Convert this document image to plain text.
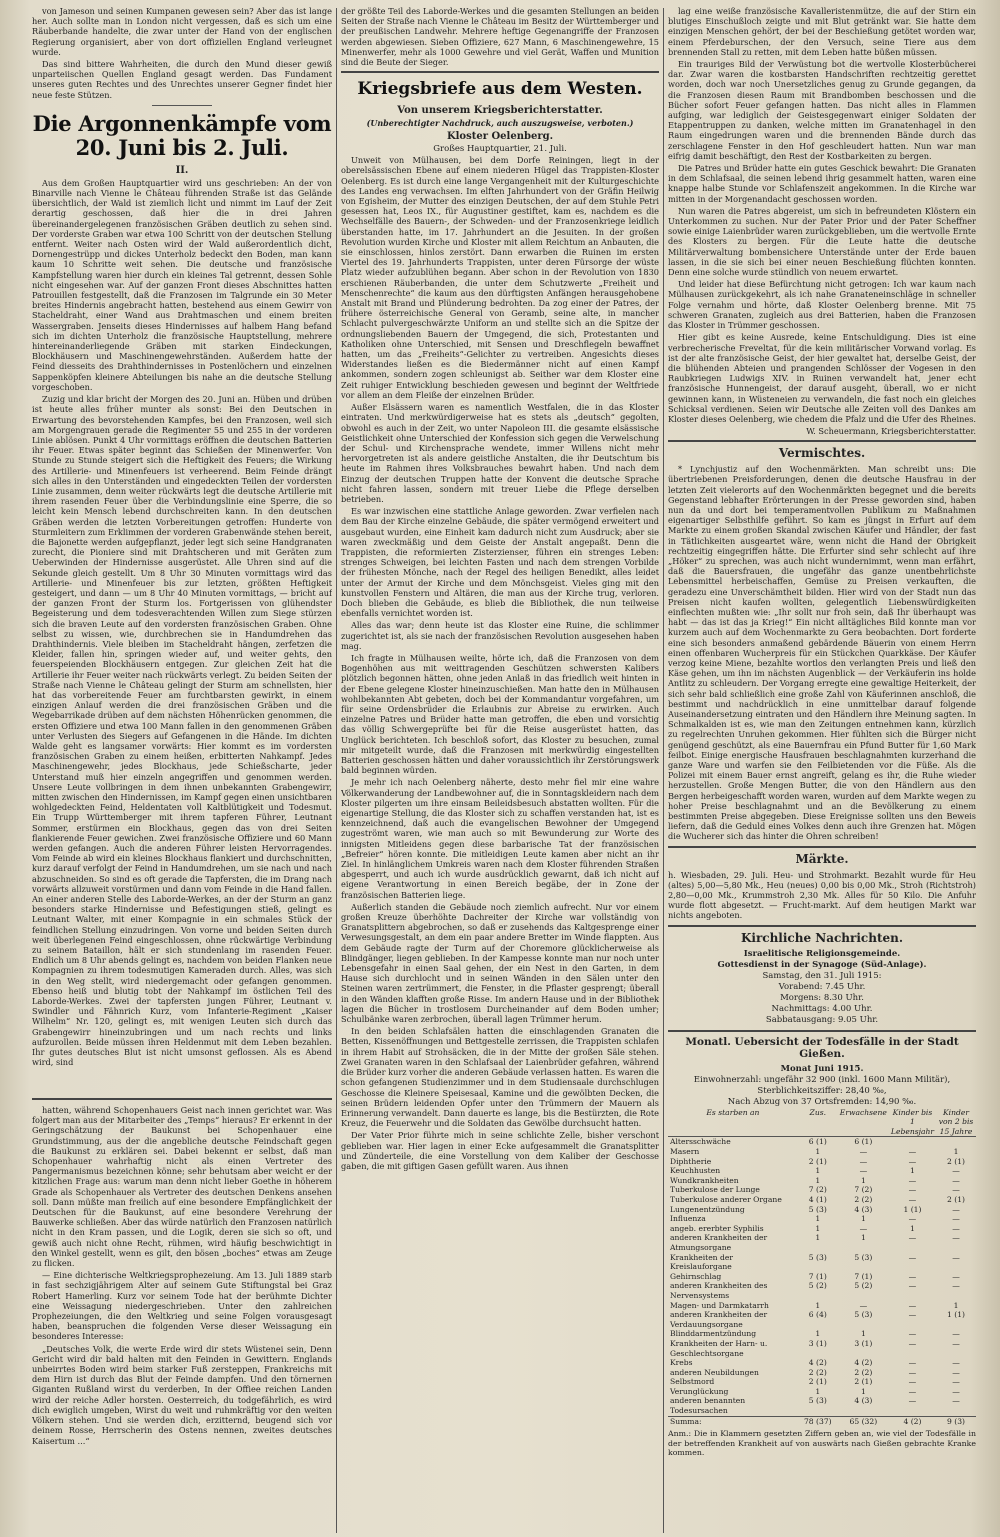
von Jameson und seinen Kumpanen gewesen sein? Aber das ist lange her. Auch sollte man in London nicht vergessen, daß es sich um eine Räuberbande handelte, die zwar unter der Hand von der englischen Regierung organisiert, aber von dort offiziellen England verleugnet wurde.

Das sind bittere Wahrheiten, die durch den Mund dieser gewiß unparteiischen Quellen England gesagt werden. Das Fundament unseres guten Rechtes und des Unrechtes unserer Gegner findet hier neue feste Stützen.

Die Argonnenkämpfe vom 20. Juni bis 2. Juli.
II.

Aus dem Großen Hauptquartier wird uns geschrieben: An der von Binarville nach Vienne le Château führenden Straße ist das Gelände übersichtlich, der Wald ist ziemlich licht und nimmt im Lauf der Zeit derartig geschossen, daß hier die in drei Jahren übereinandergelegenen französischen Gräben deutlich zu sehen sind. Der vorderste Graben war etwa 100 Schritt von der deutschen Stellung entfernt. Weiter nach Osten wird der Wald außerordentlich dicht, Dornengestrüpp und dickes Unterholz bedeckt den Boden, man kann kaum 10 Schritte weit sehen. Die deutsche und französische Kampfstellung waren hier durch ein kleines Tal getrennt, dessen Sohle nicht eingesehen war. Auf der ganzen Front dieses Abschnittes hatten Patrouillen festgestellt, daß die Franzosen im Talgrunde ein 30 Meter breites Hindernis angebracht hatten, bestehend aus einem Gewirr von Stacheldraht, einer Wand aus Drahtmaschen und einem breiten Wassergraben. Jenseits dieses Hindernisses auf halbem Hang befand sich im dichten Unterholz die französische Hauptstellung, mehrere hintereinanderliegende Gräben mit starken Eindeckungen, Blockhäusern und Maschinengewehrständen. Außerdem hatte der Feind diesseits des Drahthindernisses in Postenlöchern und einzelnen Sappenköpfen kleinere Abteilungen bis nahe an die deutsche Stellung vorgeschoben.

Zuzig und klar bricht der Morgen des 20. Juni an. Hüben und drüben ist heute alles früher munter als sonst: Bei den Deutschen in Erwartung des bevorstehenden Kampfes, bei den Franzosen, weil sich am Morgengrauen gerade die Regimenter 55 und 255 in der vorderen Linie ablösen. Punkt 4 Uhr vormittags eröffnen die deutschen Batterien ihr Feuer. Etwas später beginnt das Schießen der Minenwerfer. Von Stunde zu Stunde steigert sich die Heftigkeit des Feuers; die Wirkung des Artillerie- und Minenfeuers ist verheerend. Beim Feinde drängt sich alles in den Unterständen und eingedeckten Teilen der vordersten Linie zusammen, denn weiter rückwärts legt die deutsche Artillerie mit ihrem rasenden Feuer über die Verbindungslinie eine Sperre, die so leicht kein Mensch lebend durchschreiten kann. In den deutschen Gräben werden die letzten Vorbereitungen getroffen: Hunderte von Sturmleitern zum Erklimmen der vorderen Grabenwände stehen bereit, die Bajonette werden aufgepflanzt, jeder legt sich seine Handgranaten zurecht, die Pioniere sind mit Drahtscheren und mit Geräten zum Ueberwinden der Hindernisse ausgerüstet. Alle Uhren sind auf die Sekunde gleich gestellt. Um 8 Uhr 30 Minuten vormittags wird das Artillerie- und Minenfeuer bis zur letzten, größten Heftigkeit gesteigert, und dann — um 8 Uhr 40 Minuten vormittags, — bricht auf der ganzen Front der Sturm los. Fortgerissen von glühendster Begeisterung und dem todesverachtenden Willen zum Siege stürzen sich die braven Leute auf den vordersten französischen Graben. Ohne selbst zu wissen, wie, durchbrechen sie in Handumdrehen das Drahthindernis. Viele bleiben im Stacheldraht hängen, zerfetzen die Kleider, fallen hin, springen wieder auf, und weiter gehts, den feuerspeienden Blockhäusern entgegen. Zur gleichen Zeit hat die Artillerie ihr Feuer weiter nach rückwärts verlegt. Zu beiden Seiten der Straße nach Vienne le Château gelingt der Sturm am schnellsten, hier hat das vorbereitende Feuer am furchtbarsten gewirkt, in einem einzigen Anlauf werden die drei französischen Gräben und die Wegebarrikade drüben auf dem nächsten Höhenrücken genommen, die ersten Offiziere und etwa 100 Mann fallen in den genommenen Gräben unter Verlusten des Siegers auf Gefangenen in die Hände. Im dichten Walde geht es langsamer vorwärts: Hier kommt es im vordersten französischen Graben zu einem heißen, erbitterten Nahkampf. Jedes Maschinengewehr, jedes Blockhaus, jede Schießscharte, jeder Unterstand muß hier einzeln angegriffen und genommen werden. Unsere Leute vollbringen in dem ihnen unbekannten Grabengewirr, mitten zwischen den Hindernissen, im Kampf gegen einen unsichtbaren wohlgedeckten Feind, Heldentaten voll Kaltblütigkeit und Todesmut. Ein Trupp Württemberger mit ihrem tapferen Führer, Leutnant Sommer, erstürmen ein Blockhaus, gegen das von drei Seiten flankierende Feuer gewichen. Zwei französische Offiziere und 60 Mann werden gefangen. Auch die anderen Führer leisten Hervorragendes. Vom Feinde ab wird ein kleines Blockhaus flankiert und durchschnitten, kurz darauf verfolgt der Feind in Handumdrehen, um sie nach und nach abzuschneiden. So sind es oft gerade die Tapfersten, die im Drang nach vorwärts allzuweit vorstürmen und dann vom Feinde in die Hand fallen. An einer anderen Stelle des Laborde-Werkes, an der der Sturm an ganz besonders starke Hindernisse und Befestigungen stieß, gelingt es Leutnant Walter, mit einer Kompagnie in ein schmales Stück der feindlichen Stellung einzudringen. Von vorne und beiden Seiten durch weit überlegenen Feind eingeschlossen, ohne rückwärtige Verbindung zu seinem Bataillon, hält er sich stundenlang im rasenden Feuer. Endlich um 8 Uhr abends gelingt es, nachdem von beiden Flanken neue Kompagnien zu ihrem todesmutigen Kameraden durch. Alles, was sich in den Weg stellt, wird niedergemacht oder gefangen genommen. Ebenso heiß und blutig tobt der Nahkampf im östlichen Teil des Laborde-Werkes. Zwei der tapfersten jungen Führer, Leutnant v. Swindler und Fähnrich Kurz, vom Infanterie-Regiment „Kaiser Wilhelm“ Nr. 120, gelingt es, mit wenigen Leuten sich durch das Grabengewirr hineinzubringen und um nach rechts und links aufzurollen. Beide müssen ihren Heldenmut mit dem Leben bezahlen. Ihr gutes deutsches Blut ist nicht umsonst geflossen. Als es Abend wird, sind

hatten, während Schopenhauers Geist nach innen gerichtet war. Was folgert man aus der Mitarbeiter des „Temps“ hieraus? Er erkennt in der Geringschätzung der Baukunst bei Schopenhauer eine Grundstimmung, aus der die angebliche deutsche Feindschaft gegen die Baukunst zu erklären sei. Dabei bekennt er selbst, daß man Schopenhauer wahrhaftig nicht als einen Vertreter des Pangermanismus bezeichnen könne; sehr behutsam aber weicht er der kitzlichen Frage aus: warum man denn nicht lieber Goethe in höherem Grade als Schopenhauer als Vertreter des deutschen Denkens ansehen soll. Dann müßte man freilich auf eine besondere Empfänglichkeit der Deutschen für die Baukunst, auf eine besondere Verehrung der Bauwerke schließen. Aber das würde natürlich den Franzosen natürlich nicht in den Kram passen, und die Logik, deren sie sich so oft, und gewiß auch nicht ohne Recht, rühmen, wird häufig beschwichtigt in den Winkel gestellt, wenn es gilt, den bösen „boches“ etwas am Zeuge zu flicken.

— Eine dichterische Weltkriegsprophezeiung. Am 13. Juli 1889 starb in fast sechzigjährigem Alter auf seinem Gute Stiftungstal bei Graz Robert Hamerling. Kurz vor seinem Tode hat der berühmte Dichter eine Weissagung niedergeschrieben. Unter den zahlreichen Prophezeiungen, die den Weltkrieg und seine Folgen vorausgesagt haben, beanspruchen die folgenden Verse dieser Weissagung ein besonderes Interesse:

„Deutsches Volk, die werte Erde wird dir stets Wüstenei sein, Denn Gericht wird dir bald halten mit den Feinden in Gewittern. Englands unbeirrtes Boden wird beim starker Fuß zersteppen, Frankreichs mit dem Hirn ist durch das Blut der Feinde dampfen. Und den törnernen Giganten Rußland wirst du verderben, In der Offiee reichen Landen wird der reiche Adler horsten. Oesterreich, du todgefährlich, es wird dich ewiglich umgeben, Wirst du weit und ruhmkräftig vor den weiten Völkern stehen. Und sie werden dich, erzitternd, beugend sich vor deinem Rosse, Herrscherin des Ostens nennen, zweites deutsches Kaisertum ...“

der größte Teil des Laborde-Werkes und die gesamten Stellungen an beiden Seiten der Straße nach Vienne le Château im Besitz der Württemberger und der preußischen Landwehr. Mehrere heftige Gegenangriffe der Franzosen werden abgewiesen. Sieben Offiziere, 627 Mann, 6 Maschinengewehre, 15 Minenwerfer, mehr als 1000 Gewehre und viel Gerät, Waffen und Munition sind die Beute der Sieger.

Kriegsbriefe aus dem Westen.
Von unserem Kriegsberichterstatter.
(Unberechtigter Nachdruck, auch auszugsweise, verboten.)
Kloster Oelenberg.

Großes Hauptquartier, 21. Juli.

Unweit von Mülhausen, bei dem Dorfe Reiningen, liegt in der oberelsässischen Ebene auf einem niederen Hügel das Trappisten-Kloster Oelenberg. Es ist durch eine lange Vergangenheit mit der Kulturgeschichte des Landes eng verwachsen. Im elften Jahrhundert von der Gräfin Heilwig von Egisheim, der Mutter des einzigen Deutschen, der auf dem Stuhle Petri gesessen hat, Leos IX., für Augustiner gestiftet, kam es, nachdem es die Wechselfälle des Bauern-, der Schweden- und der Franzosenkriege leidlich überstanden hatte, im 17. Jahrhundert an die Jesuiten. In der großen Revolution wurden Kirche und Kloster mit allem Reichtum an Anbauten, die sie einschlossen, hinlos zerstört. Dann erwarben die Ruinen im ersten Viertel des 19. Jahrhunderts Trappisten, unter deren Fürsorge der wüste Platz wieder aufzublühen begann. Aber schon in der Revolution von 1830 erschienen Räuberbanden, die unter dem Schutzwerte „Freiheit und Menschenrechte“ die kaum aus den dürftigsten Anfängen herausgehobene Anstalt mit Brand und Plünderung bedrohten. Da zog einer der Patres, der frühere österreichische General von Geramb, seine alte, in mancher Schlacht pulvergeschwärzte Uniform an und stellte sich an die Spitze der ordnungsliebenden Bauern der Umgegend, die sich, Protestanten und Katholiken ohne Unterschied, mit Sensen und Dreschflegeln bewaffnet hatten, um das „Freiheits“-Gelichter zu vertreiben. Angesichts dieses Widerstandes ließen es die Biedermänner nicht auf einen Kampf ankommen, sondern zogen schleunigst ab. Seither war dem Kloster eine Zeit ruhiger Entwicklung beschieden gewesen und beginnt der Weltfriede vor allem an dem Fleiße der einzelnen Brüder.

Außer Elsässern waren es namentlich Westfalen, die in das Kloster eintraten. Und merkwürdigerweise hat es stets als „deutsch“ gegolten, obwohl es auch in der Zeit, wo unter Napoleon III. die gesamte elsässische Geistlichkeit ohne Unterschied der Konfession sich gegen die Verwelschung der Schul- und Kirchensprache wendete, immer Willens nicht mehr hervorgetreten ist als andere geistliche Anstalten, die ihr Deutschtum bis heute im Rahmen ihres Volksbrauches bewahrt haben. Und nach dem Einzug der deutschen Truppen hatte der Konvent die deutsche Sprache nicht fahren lassen, sondern mit treuer Liebe die Pflege derselben betrieben.

Es war inzwischen eine stattliche Anlage geworden. Zwar verfielen nach dem Bau der Kirche einzelne Gebäude, die später vermögend erweitert und ausgebaut wurden, eine Einheit kam dadurch nicht zum Ausdruck; aber sie waren zweckmäßig und dem Geiste der Anstalt angepaßt. Denn die Trappisten, die reformierten Zisterzienser, führen ein strenges Leben: strenges Schweigen, bei leichten Fasten und nach dem strengen Vorbilde der frühesten Mönche, nach der Regel des heiligen Benedikt, alles leidet unter der Armut der Kirche und dem Mönchsgeist. Vieles ging mit den kunstvollen Fenstern und Altären, die man aus der Kirche trug, verloren. Doch blieben die Gebäude, es blieb die Bibliothek, die nun teilweise ebenfalls vernichtet worden ist.

Alles das war; denn heute ist das Kloster eine Ruine, die schlimmer zugerichtet ist, als sie nach der französischen Revolution ausgesehen haben mag.

Ich fragte in Mülhausen weilte, hörte ich, daß die Franzosen von dem Bogenhöhen aus mit weittragenden Geschützen schwersten Kalibers plötzlich begonnen hätten, ohne jeden Anlaß in das friedlich weit hinten in der Ebene gelegene Kloster hineinzuschießen. Man hatte den in Mülhausen wohlbekannten Abt gebeten, doch bei der Kommandantur vorgefahren, um für seine Ordensbrüder die Erlaubnis zur Abreise zu erwirken. Auch einzelne Patres und Brüder hatte man getroffen, die eben und vorsichtig das völlig Schwergeprüfte bei für die Reise ausgerüstet hatten, das Unglück berichteten. Ich beschloß sofort, das Kloster zu besuchen, zumal mir mitgeteilt wurde, daß die Franzosen mit merkwürdig eingestellten Batterien geschossen hätten und daher voraussichtlich ihr Zerstörungswerk bald beginnen würden.

Je mehr ich nach Oelenberg näherte, desto mehr fiel mir eine wahre Völkerwanderung der Landbewohner auf, die in Sonntagskleidern nach dem Kloster pilgerten um ihre einsam Beileidsbesuch abstatten wollten. Für die eigenartige Stellung, die das Kloster sich zu schaffen verstanden hat, ist es kennzeichnend, daß auch die evangelischen Bewohner der Umgegend zugeströmt waren, wie man auch so mit Bewunderung zur Worte des innigsten Mitleidens gegen diese barbarische Tat der französischen „Befreier“ hören konnte. Die mitleidigen Leute kamen aber nicht an ihr Ziel. In hinlänglichem Umkreis waren nach dem Kloster führenden Straßen abgesperrt, und auch ich wurde ausdrücklich gewarnt, daß ich nicht auf eigene Verantwortung in einen Bereich begäbe, der in Zone der französischen Batterien liege.

Außerlich standen die Gebäude noch ziemlich aufrecht. Nur vor einem großen Kreuze überhöhte Dachreiter der Kirche war vollständig von Granatsplittern abgebrochen, so daß er zusehends das Kaltgesprenge einer Verwesungsgestalt, an dem ein paar andere Bretter im Winde flappten. Aus dem Gebäude ragte der Turm auf der Choremore glücklicherweise als Blindgänger, liegen geblieben. In der Kampesse konnte man nur noch unter Lebensgefahr in einen Saal gehen, der ein Nest in den Garten, in dem Hause sich durchlocht und in seinen Wänden in den Sälen unter den Steinen waren zertrümmert, die Fenster, in die Pflaster gesprengt; überall in den Wänden klafften große Risse. Im andern Hause und in der Bibliothek lagen die Bücher in trostlosem Durcheinander auf dem Boden umher; Schulbänke waren zerbrochen, überall lagen Trümmer herum.

In den beiden Schlafsälen hatten die einschlagenden Granaten die Betten, Kissenöffnungen und Bettgestelle zerrissen, die Trappisten schlafen in ihrem Habit auf Strohsäcken, die in der Mitte der großen Säle stehen. Zwei Granaten waren in den Schlafsaal der Laienbrüder gefahren, während die Brüder kurz vorher die anderen Gebäude verlassen hatten. Es waren die schon gefangenen Studienzimmer und in dem Studiensaale durchschlugen Geschosse die Kleinere Speisesaal, Kamine und die gewölbten Decken, die seinen Brüdern leidenden Opfer unter den Trümmern der Mauern als Erinnerung verwandelt. Dann dauerte es lange, bis die Bestürzten, die Rote Kreuz, die Feuerwehr und die Soldaten das Gewölbe durchsucht hatten.

Der Vater Prior führte mich in seine schlichte Zelle, bisher verschont geblieben war. Hier lagen in einer Ecke aufgesammelt die Granatsplitter und Zünderteile, die eine Vorstellung von dem Kaliber der Geschosse gaben, die mit giftigen Gasen gefüllt waren. Aus ihnen

lag eine weiße französische Kavalleristenmütze, die auf der Stirn ein blutiges Einschußloch zeigte und mit Blut getränkt war. Sie hatte dem einzigen Menschen gehört, der bei der Beschießung getötet worden war, einem Pferdeburschen, der den Versuch, seine Tiere aus dem brennenden Stall zu retten, mit dem Leben hatte büßen müssen.

Ein trauriges Bild der Verwüstung bot die wertvolle Klosterbücherei dar. Zwar waren die kostbarsten Handschriften rechtzeitig gerettet worden, doch war noch Unersetzliches genug zu Grunde gegangen, da die Franzosen diesen Raum mit Brandbomben beschossen und die Bücher sofort Feuer gefangen hatten. Das nicht alles in Flammen aufging, war lediglich der Geistesgegenwart einiger Soldaten der Etappentruppen zu danken, welche mitten im Granatenhagel in den Raum eingedrungen waren und die brennenden Bände durch das zerschlagene Fenster in den Hof geschleudert hatten. Nun war man eifrig damit beschäftigt, den Rest der Kostbarkeiten zu bergen.

Die Patres und Brüder hatte ein gutes Geschick bewahrt: Die Granaten in dem Schlafsaal, die seinen lebend ihrig gesammelt hatten, waren eine knappe halbe Stunde vor Schlafenszeit angekommen. In die Kirche war mitten in der Morgenandacht geschossen worden.

Nun waren die Patres abgereist, um sich in befreundeten Klöstern ein Unterkommen zu suchen. Nur der Pater Prior und der Pater Scheffner sowie einige Laienbrüder waren zurückgeblieben, um die wertvolle Ernte des Klosters zu bergen. Für die Leute hatte die deutsche Militärverwaltung bombensichere Unterstände unter der Erde bauen lassen, in die sie sich bei einer neuen Beschießung flüchten konnten. Denn eine solche wurde stündlich von neuem erwartet.

Und leider hat diese Befürchtung nicht getrogen: Ich war kaum nach Mülhausen zurückgekehrt, als ich nahe Granateneinschläge in schneller Folge vernahm und hörte, daß Kloster Oelenberg brenne. Mit 75 schweren Granaten, zugleich aus drei Batterien, haben die Franzosen das Kloster in Trümmer geschossen.

Hier gibt es keine Ausrede, keine Entschuldigung. Dies ist eine verbrecherische Freveltat, für die kein militärischer Vorwand vorlag. Es ist der alte französische Geist, der hier gewaltet hat, derselbe Geist, der die blühenden Abteien und prangenden Schlösser der Vogesen in den Raubkriegen Ludwigs XIV. in Ruinen verwandelt hat, jener echt französische Hunnengeist, der darauf ausgeht, überall, wo er nicht gewinnen kann, in Wüsteneien zu verwandeln, die fast noch ein gleiches Schicksal verdienen. Seien wir Deutsche alle Zeiten voll des Dankes am Kloster dieses Oelenberg, wie chedem die Pfalz und die Ufer des Rheines.

W. Scheuermann, Kriegsberichterstatter.
Vermischtes.

* Lynchjustiz auf den Wochenmärkten. Man schreibt uns: Die übertriebenen Preisforderungen, denen die deutsche Hausfrau in der letzten Zeit vielerorts auf den Wochenmärkten begegnet und die bereits Gegenstand lebhafter Erörterungen in der Presse geworden sind, haben nun da und dort bei temperamentvollen Publikum zu Maßnahmen eigenartiger Selbsthilfe geführt. So kam es jüngst in Erfurt auf dem Markte zu einem großen Skandal zwischen Käufer und Händler, der fast in Tätlichkeiten ausgeartet wäre, wenn nicht die Hand der Obrigkeit rechtzeitig eingegriffen hätte. Die Erfurter sind sehr schlecht auf ihre „Höker“ zu sprechen, was auch nicht wundernimmt, wenn man erfährt, daß die Bauersfrauen, die ungefähr das ganze unentbehrlichste Lebensmittel herbeischaffen, Gemüse zu Preisen verkauften, die geradezu eine Unverschämtheit bilden. Hier wird von der Stadt nun das Preisen nicht kaufen wollten, gelegentlich Liebenswürdigkeiten einflechten mußten wie: „Ihr sollt nur froh sein, daß Ihr überhaupt was habt — das ist das ja Krieg!“ Ein nicht alltägliches Bild konnte man vor kurzem auch auf dem Wochenmarkte zu Gera beobachten. Dort forderte eine sich besonders anmaßend gebärdende Bäuerin von einem Herrn einen offenbaren Wucherpreis für ein Stückchen Quarkkäse. Der Käufer verzog keine Miene, bezahlte wortlos den verlangten Preis und ließ den Käse gehen, um ihn im nächsten Augenblick — der Verkäuferin ins holde Antlitz zu schleudern. Der Vorgang erregte eine gewaltige Heiterkeit, der sich sehr bald schließlich eine große Zahl von Käuferinnen anschloß, die bestimmt und nachdrücklich in eine unmittelbar darauf folgende Auseinandersetzung eintraten und den Händlern ihre Meinung sagten. In Schmalkalden ist es, wie man den Zeitungen entnehmen kann, kürzlich zu regelrechten Unruhen gekommen. Hier fühlten sich die Bürger nicht genügend geschützt, als eine Bauernfrau ein Pfund Butter für 1,60 Mark feilbot. Einige energische Hausfrauen beschlagnahmten kurzerhand die ganze Ware und warfen sie den Feilbietenden vor die Füße. Als die Polizei mit einem Bauer ernst angreift, gelang es ihr, die Ruhe wieder herzustellen. Große Mengen Butter, die von den Händlern aus den Bergen herbeigeschafft worden waren, wurden auf dem Markte wegen zu hoher Preise beschlagnahmt und an die Bevölkerung zu einem bestimmten Preise abgegeben. Diese Ereignisse sollten uns den Beweis liefern, daß die Geduld eines Volkes denn auch ihre Grenzen hat. Mögen die Wucherer sich das hinter die Ohren schreiben!

Märkte.

h. Wiesbaden, 29. Juli. Heu- und Strohmarkt. Bezahlt wurde für Heu (altes) 5,00—5,80 Mk., Heu (neues) 0,00 bis 0,00 Mk., Stroh (Richtstroh) 2,80—0,00 Mk., Krummstroh 2,30 Mk. Alles für 50 Kilo. Die Anfuhr wurde flott abgesetzt. — Frucht-markt. Auf dem heutigen Markt war nichts angeboten.

Kirchliche Nachrichten.

Israelitische Religionsgemeinde.

Gottesdienst in der Synagoge (Süd-Anlage).

Samstag, den 31. Juli 1915:

Vorabend: 7.45 Uhr.

Morgens: 8.30 Uhr.

Nachmittags: 4.00 Uhr.

Sabbatausgang: 9.05 Uhr.

Monatl. Uebersicht der Todesfälle in der Stadt Gießen.

Monat Juni 1915.

Einwohnerzahl: ungefähr 32 900 (inkl. 1600 Mann Militär), Sterblichkeitsziffer: 28,40 ‰,

Nach Abzug von 37 Ortsfremden: 14,90 ‰.

Es starben an	Zus.	Erwachsene	Kinder bis 1 Lebensjahr	Kinder von 2 bis 15 Jahre
Altersschwäche	6 (1)	6 (1)		
Masern	1	—	—	1
Diphtherie	2 (1)	—	—	2 (1)
Keuchhusten	1	—	1	—
Wundkrankheiten	1	1	—	—
Tuberkulose der Lunge	7 (2)	7 (2)	—	—
Tuberkulose anderer Organe	4 (1)	2 (2)	—	2 (1)
Lungenentzündung	5 (3)	4 (3)	1 (1)	—
Influenza	1	1	—	—
angeb. ererbter Syphilis	1	—	1	—
anderen Krankheiten der Atmungsorgane	1	1	—	—
Krankheiten der Kreislauforgane	5 (3)	5 (3)	—	—
Gehirnschlag	7 (1)	7 (1)	—	—
anderen Krankheiten des Nervensystems	5 (2)	5 (2)	—	—
Magen- und Darmkatarrh	1	—	—	1
anderen Krankheiten der Verdauungsorgane	6 (4)	5 (3)	—	1 (1)
Blinddarmentzündung	1	1	—	—
Krankheiten der Harn- u. Geschlechtsorgane	3 (1)	3 (1)	—	—
Krebs	4 (2)	4 (2)	—	—
anderen Neubildungen	2 (2)	2 (2)	—	—
Selbstmord	2 (1)	2 (1)	—	—
Verunglückung	1	1	—	—
anderen benannten Todesursachen	5 (3)	4 (3)	—	—
Summa:	78 (37)	65 (32)	4 (2)	9 (3)

Anm.: Die in Klammern gesetzten Ziffern geben an, wie viel der Todesfälle in der betreffenden Krankheit auf von auswärts nach Gießen gebrachte Kranke kommen.
